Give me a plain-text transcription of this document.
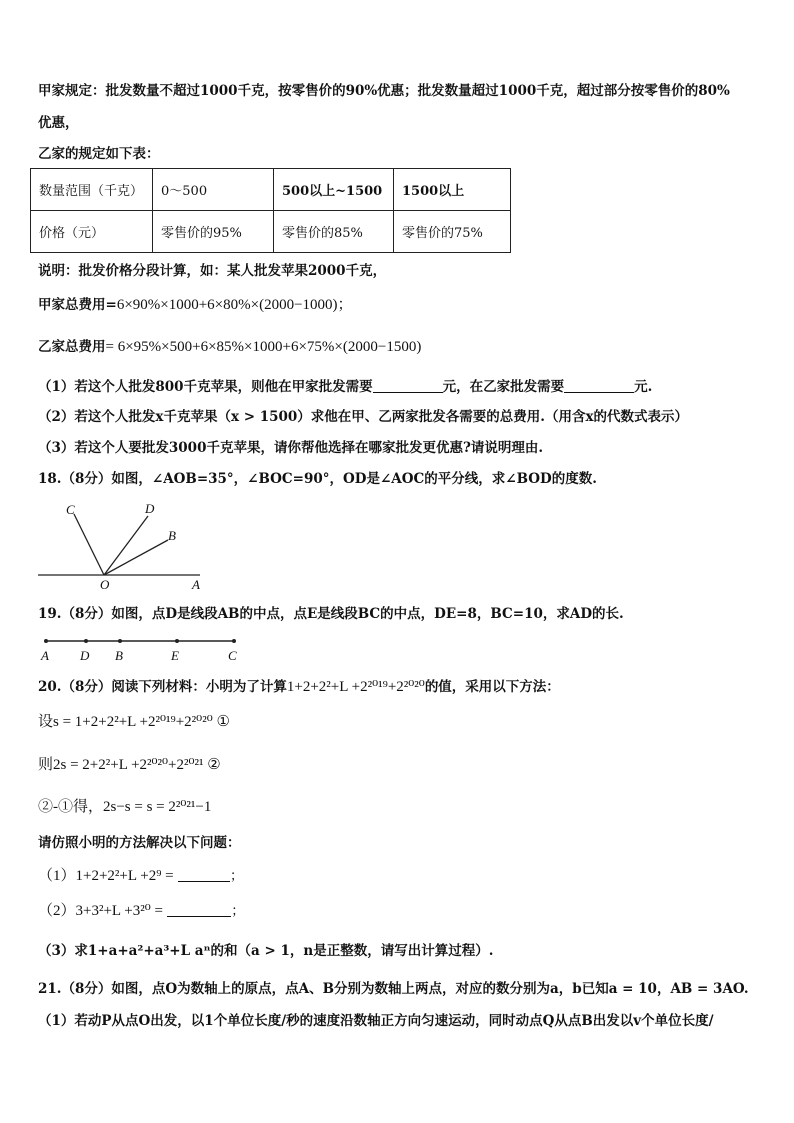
甲家规定：批发数量不超过1000千克，按零售价的90%优惠；批发数量超过1000千克，超过部分按零售价的80%
优惠，
乙家的规定如下表：
数量范围（千克）	0～500	500以上~1500	1500以上
价格（元）	零售价的95%	零售价的85%	零售价的75%
说明：批发价格分段计算，如：某人批发苹果2000千克，
甲家总费用=6×90%×1000+6×80%×(2000−1000)；
乙家总费用= 6×95%×500+6×85%×1000+6×75%×(2000−1500)
（1）若这个人批发800千克苹果，则他在甲家批发需要	元，在乙家批发需要	元.
（2）若这个人批发x千克苹果（x > 1500）求他在甲、乙两家批发各需要的总费用.（用含x的代数式表示）
（3）若这个人要批发3000千克苹果，请你帮他选择在哪家批发更优惠?请说明理由.
18.（8分）如图，∠AOB=35°，∠BOC=90°，OD是∠AOC的平分线，求∠BOD的度数.
C	D
B
O	A
19.（8分）如图，点D是线段AB的中点，点E是线段BC的中点，DE=8，BC=10，求AD的长.
A D B	E	C
20.（8分）阅读下列材料：小明为了计算1+2+2²+L +2²⁰¹⁹+2²⁰²⁰的值，采用以下方法：
设s = 1+2+2²+L +2²⁰¹⁹+2²⁰²⁰ ①
则2s = 2+2²+L +2²⁰²⁰+2²⁰²¹ ②
②-①得，2s−s = s = 2²⁰²¹−1
请仿照小明的方法解决以下问题：
（1）1+2+2²+L +2⁹ =	；
（2）3+3²+L +3²⁰ =	；
（3）求1+a+a²+a³+L aⁿ的和（a > 1，n是正整数，请写出计算过程）.
21.（8分）如图，点O为数轴上的原点，点A、B分别为数轴上两点，对应的数分别为a，b已知a = 10，AB = 3AO.
（1）若动P从点O出发，以1个单位长度/秒的速度沿数轴正方向匀速运动，同时动点Q从点B出发以v个单位长度/
